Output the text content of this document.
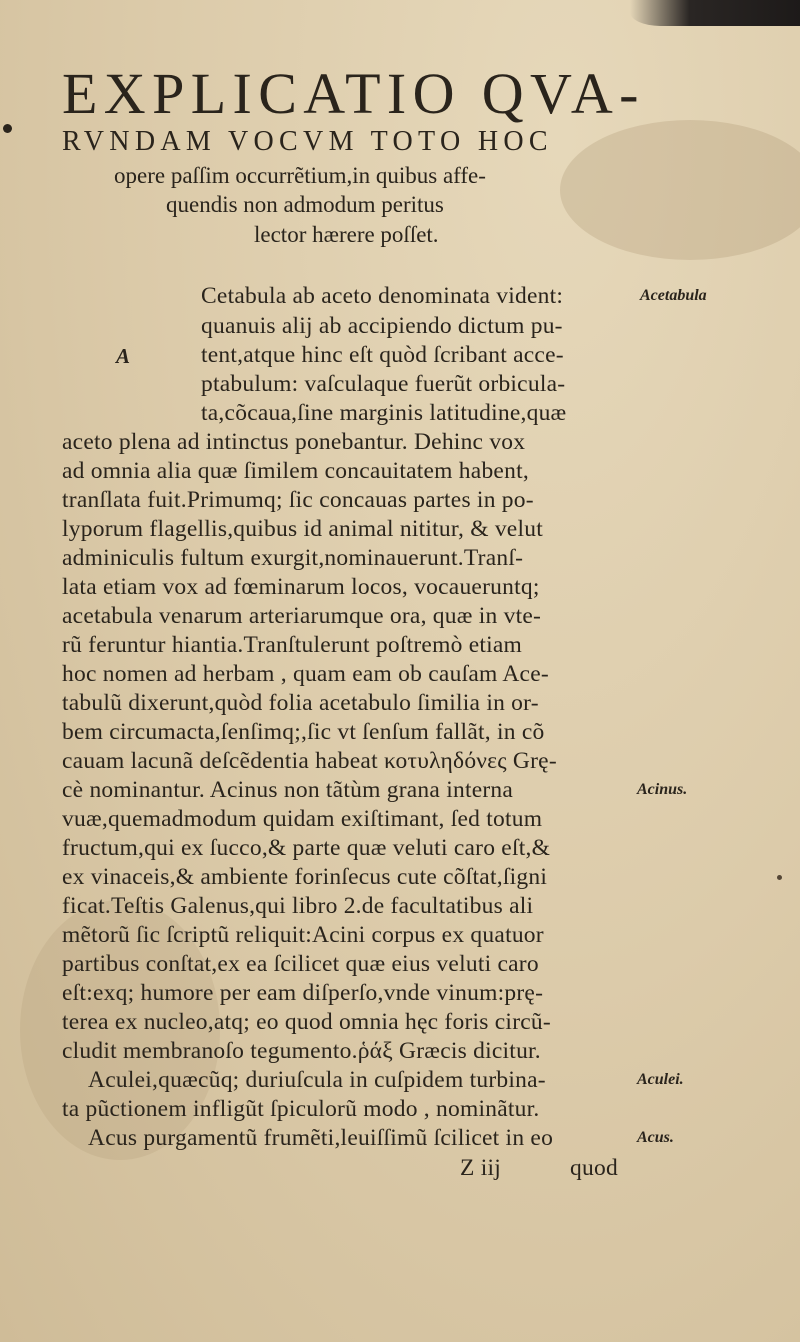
EXPLICATIO QVA-
RVNDAM VOCVM TOTO HOC
opere paſſim occurrẽtium,in quibus affe-
quendis non admodum peritus
lector hærere poſſet.
A
Cetabula ab aceto denominata vident:
quanuis alij ab accipiendo dictum pu-
tent,atque hinc eſt quòd ſcribant acce-
ptabulum: vaſculaque fuerũt orbicula-
ta,cõcaua,ſine marginis latitudine,quæ
aceto plena ad intinctus ponebantur. Dehinc vox
ad omnia alia quæ ſimilem concauitatem habent,
tranſlata fuit.Primumq; ſic concauas partes in po-
lyporum flagellis,quibus id animal nititur, & velut
adminiculis fultum exurgit,nominauerunt.Tranſ-
lata etiam vox ad fœminarum locos, vocaueruntq;
acetabula venarum arteriarumque ora, quæ in vte-
rũ feruntur hiantia.Tranſtulerunt poſtremò etiam
hoc nomen ad herbam , quam eam ob cauſam Ace-
tabulũ dixerunt,quòd folia acetabulo ſimilia in or-
bem circumacta,ſenſimq;,ſic vt ſenſum fallãt, in cõ
cauam lacunã deſcẽdentia habeat κοτυληδόνες Grę-
cè nominantur. Acinus non tãtùm grana interna
vuæ,quemadmodum quidam exiſtimant, ſed totum
fructum,qui ex ſucco,& parte quæ veluti caro eſt,&
ex vinaceis,& ambiente forinſecus cute cõſtat,ſigni
ficat.Teſtis Galenus,qui libro 2.de facultatibus ali
mẽtorũ ſic ſcriptũ reliquit:Acini corpus ex quatuor
partibus conſtat,ex ea ſcilicet quæ eius veluti caro
eſt:exq; humore per eam diſperſo,vnde vinum:prę-
terea ex nucleo,atq; eo quod omnia hęc foris circũ-
cludit membranoſo tegumento.ῥάξ Græcis dicitur.
Aculei,quæcũq; duriuſcula in cuſpidem turbina-
ta pũctionem infligũt ſpiculorũ modo , nominãtur.
Acus purgamentũ frumẽti,leuiſſimũ ſcilicet in eo
Z iij	quod
Acetabula
Acinus.
Aculei.
Acus.
